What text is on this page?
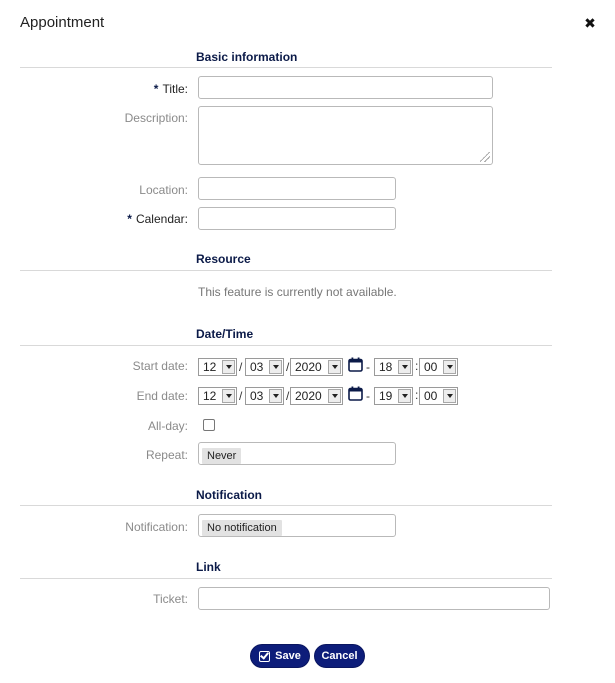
Appointment	✖
Basic information
* Title:
Description:
Location:
* Calendar:
Resource
This feature is currently not available.
Date/Time
Start date:	12	/ 03	/ 2020	- 18	: 00
End date:	12	/ 03	/ 2020	- 19	: 00
All-day:
Repeat:	Never
Notification
Notification:	No notification
Link
Ticket:
Save Cancel
